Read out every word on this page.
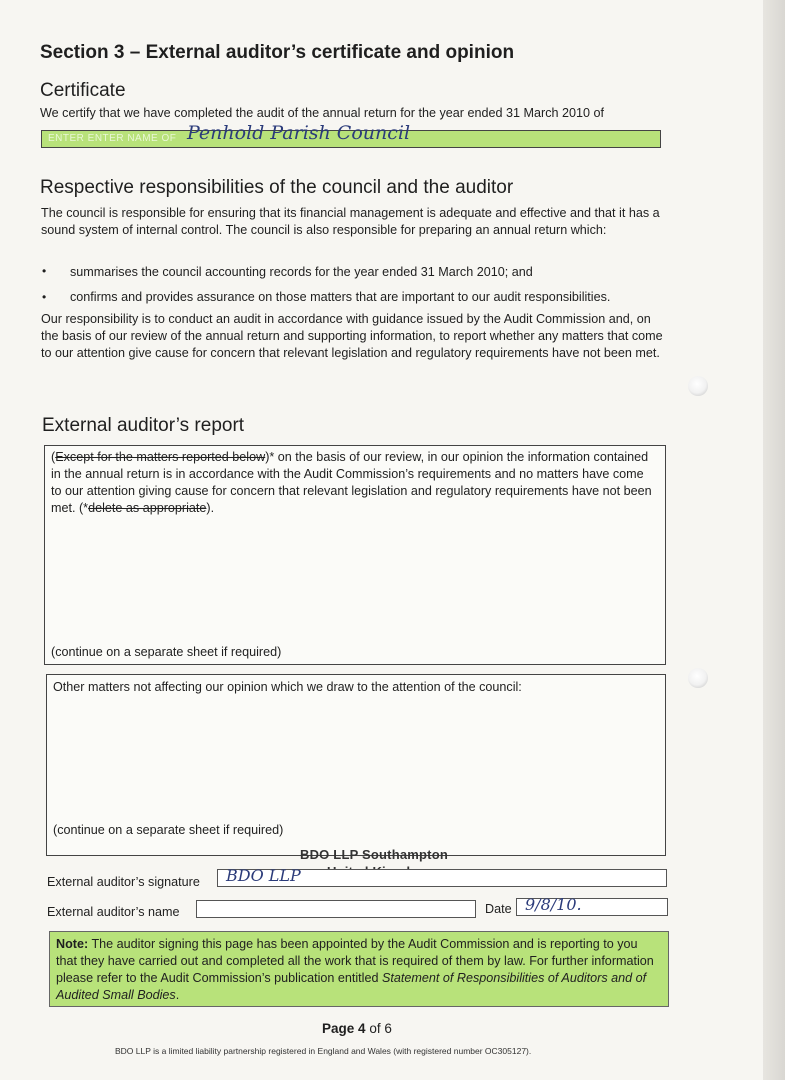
Section 3 – External auditor’s certificate and opinion
Certificate
We certify that we have completed the audit of the annual return for the year ended 31 March 2010 of
ENTER ENTER NAME OF Penhold Parish Council
Respective responsibilities of the council and the auditor
The council is responsible for ensuring that its financial management is adequate and effective and that it has a sound system of internal control. The council is also responsible for preparing an annual return which:
• summarises the council accounting records for the year ended 31 March 2010; and
• confirms and provides assurance on those matters that are important to our audit responsibilities.
Our responsibility is to conduct an audit in accordance with guidance issued by the Audit Commission and, on the basis of our review of the annual return and supporting information, to report whether any matters that come to our attention give cause for concern that relevant legislation and regulatory requirements have not been met.
External auditor’s report
(Except for the matters reported below)* on the basis of our review, in our opinion the information contained in the annual return is in accordance with the Audit Commission’s requirements and no matters have come to our attention giving cause for concern that relevant legislation and regulatory requirements have not been met. (*delete as appropriate).
(continue on a separate sheet if required)
Other matters not affecting our opinion which we draw to the attention of the council:
(continue on a separate sheet if required)
BDO LLP Southampton
External auditor’s signature BDO LLP
External auditor’s name	Date 9/8/10.
Note: The auditor signing this page has been appointed by the Audit Commission and is reporting to you that they have carried out and completed all the work that is required of them by law. For further information please refer to the Audit Commission’s publication entitled Statement of Responsibilities of Auditors and of Audited Small Bodies.
Page 4 of 6
BDO LLP is a limited liability partnership registered in England and Wales (with registered number OC305127).
